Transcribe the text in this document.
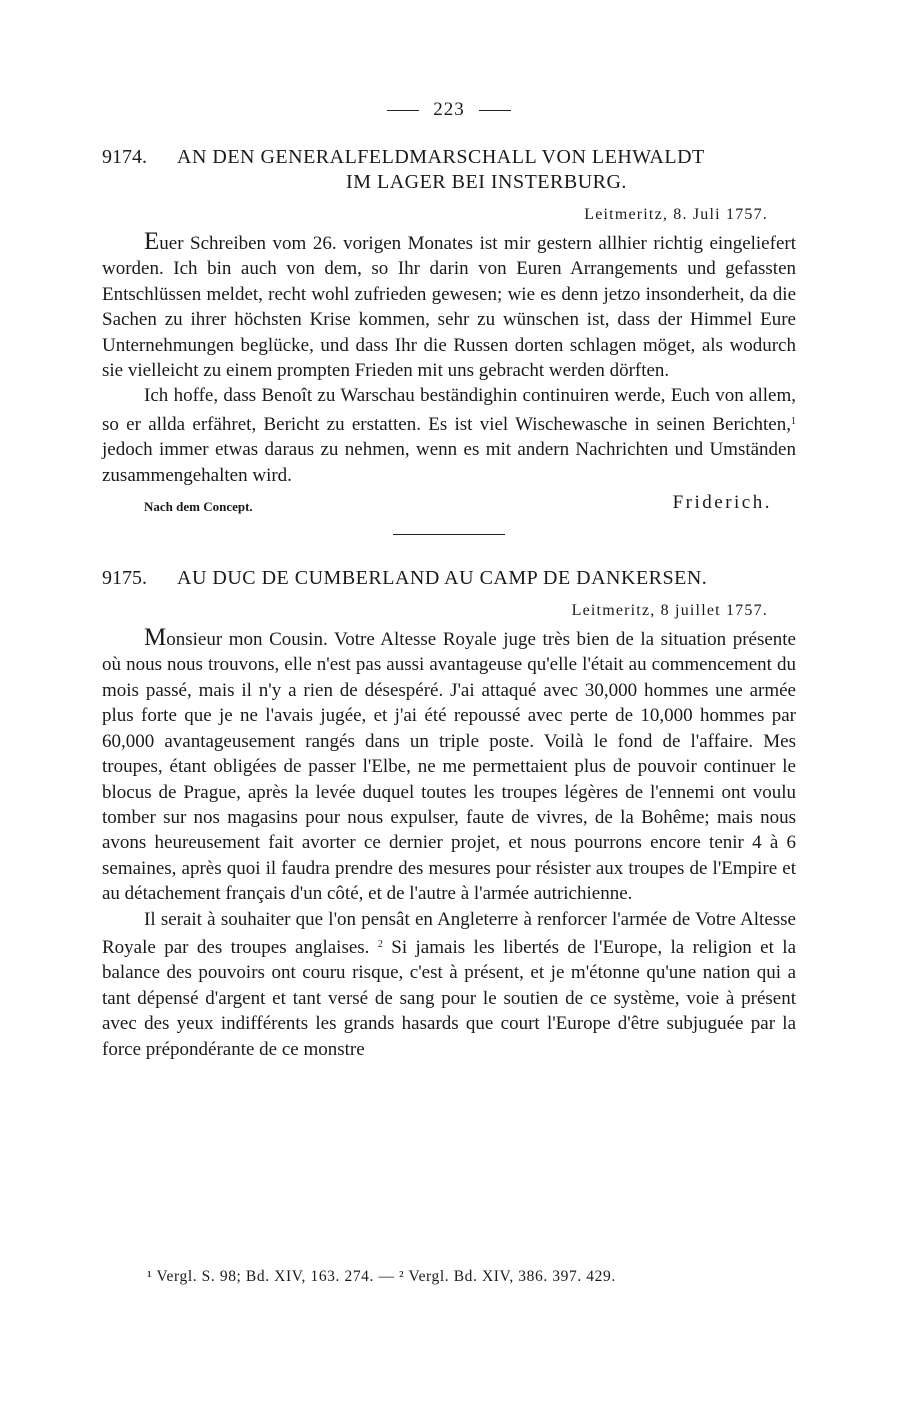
223
9174.	AN DEN GENERALFELDMARSCHALL VON LEHWALDT
IM LAGER BEI INSTERBURG.
Leitmeritz, 8. Juli 1757.

Euer Schreiben vom 26. vorigen Monates ist mir gestern allhier richtig eingeliefert worden. Ich bin auch von dem, so Ihr darin von Euren Arrangements und gefassten Entschlüssen meldet, recht wohl zufrieden gewesen; wie es denn jetzo insonderheit, da die Sachen zu ihrer höchsten Krise kommen, sehr zu wünschen ist, dass der Himmel Eure Unternehmungen beglücke, und dass Ihr die Russen dorten schlagen möget, als wodurch sie vielleicht zu einem prompten Frieden mit uns gebracht werden dörften.

Ich hoffe, dass Benoît zu Warschau beständighin continuiren werde, Euch von allem, so er allda erfähret, Bericht zu erstatten. Es ist viel Wischewasche in seinen Berichten,$^1$ jedoch immer etwas daraus zu nehmen, wenn es mit andern Nachrichten und Umständen zusammengehalten wird.

Nach dem Concept.	Friderich.
9175.	AU DUC DE CUMBERLAND AU CAMP DE DANKERSEN.
Leitmeritz, 8 juillet 1757.

Monsieur mon Cousin. Votre Altesse Royale juge très bien de la situation présente où nous nous trouvons, elle n'est pas aussi avantageuse qu'elle l'était au commencement du mois passé, mais il n'y a rien de désespéré. J'ai attaqué avec 30,000 hommes une armée plus forte que je ne l'avais jugée, et j'ai été repoussé avec perte de 10,000 hommes par 60,000 avantageusement rangés dans un triple poste. Voilà le fond de l'affaire. Mes troupes, étant obligées de passer l'Elbe, ne me permettaient plus de pouvoir continuer le blocus de Prague, après la levée duquel toutes les troupes légères de l'ennemi ont voulu tomber sur nos magasins pour nous expulser, faute de vivres, de la Bohême; mais nous avons heureusement fait avorter ce dernier projet, et nous pourrons encore tenir 4 à 6 semaines, après quoi il faudra prendre des mesures pour résister aux troupes de l'Empire et au détachement français d'un côté, et de l'autre à l'armée autrichienne.

Il serait à souhaiter que l'on pensât en Angleterre à renforcer l'armée de Votre Altesse Royale par des troupes anglaises. $^2$ Si jamais les libertés de l'Europe, la religion et la balance des pouvoirs ont couru risque, c'est à présent, et je m'étonne qu'une nation qui a tant dépensé d'argent et tant versé de sang pour le soutien de ce système, voie à présent avec des yeux indifférents les grands hasards que court l'Europe d'être subjuguée par la force prépondérante de ce monstre

¹ Vergl. S. 98; Bd. XIV, 163. 274. — ² Vergl. Bd. XIV, 386. 397. 429.
